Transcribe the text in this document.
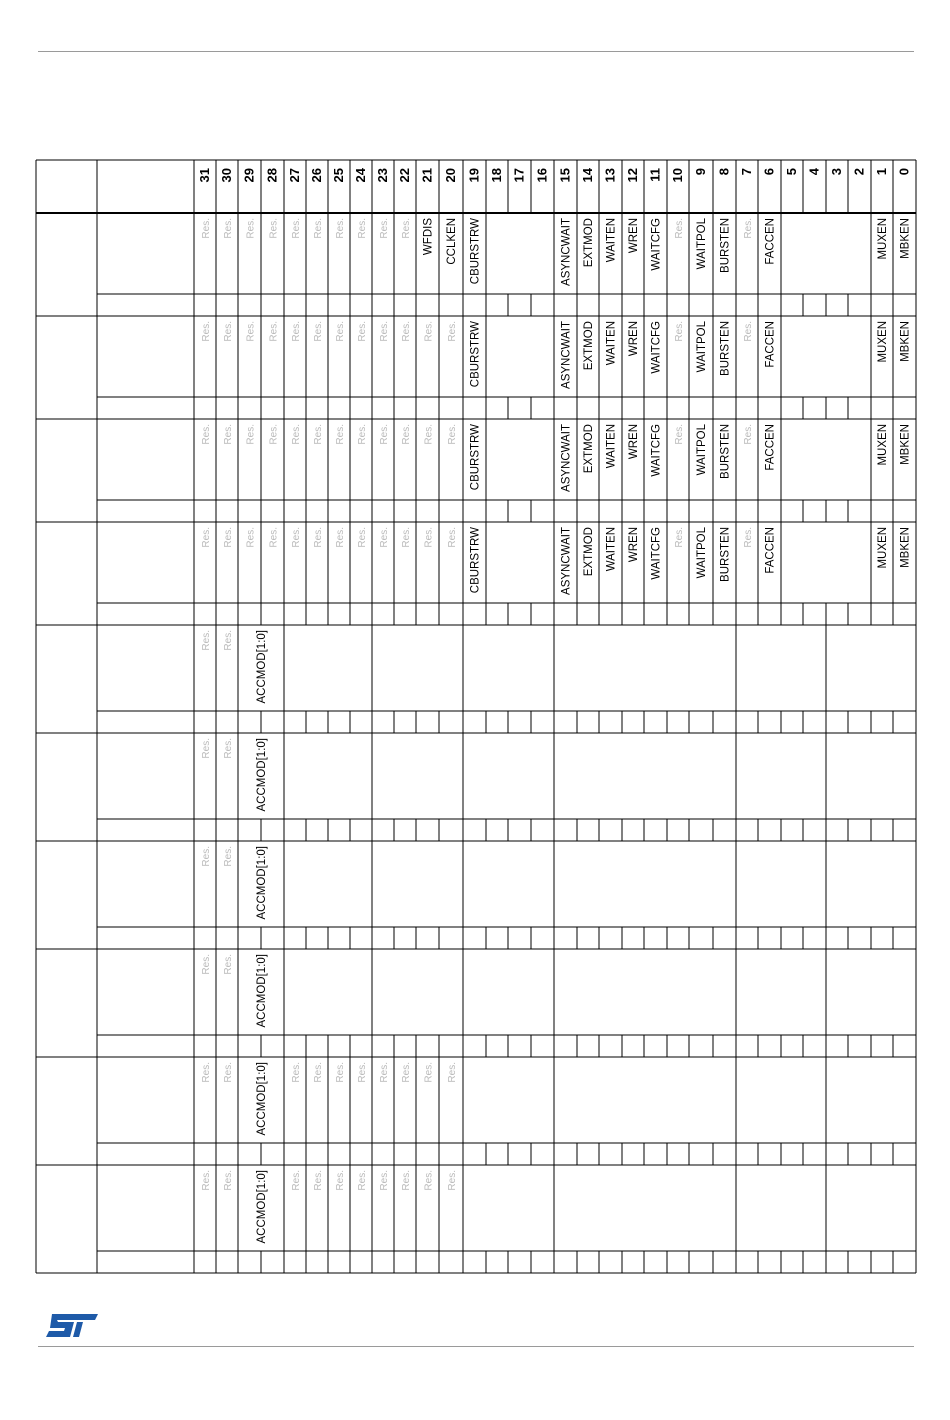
31 30 29 28 27 26 25 24 23 22 21 20 19 18 17 16 15 14 13 12 11 10 9 8 7 6 5 4 3 2 1 0
Res. Res. Res. Res. Res. Res. Res. Res. Res. Res. WFDIS CCLKEN CBURSTRW	ASYNCWAIT EXTMOD WAITEN WREN WAITCFG Res. WAITPOL BURSTEN Res. FACCEN	MUXEN MBKEN
Res. Res. Res. Res. Res. Res. Res. Res. Res. Res. Res. Res. CBURSTRW	ASYNCWAIT EXTMOD WAITEN WREN WAITCFG Res. WAITPOL BURSTEN Res. FACCEN	MUXEN MBKEN
Res. Res. Res. Res. Res. Res. Res. Res. Res. Res. Res. Res. CBURSTRW	ASYNCWAIT EXTMOD WAITEN WREN WAITCFG Res. WAITPOL BURSTEN Res. FACCEN	MUXEN MBKEN
Res. Res. Res. Res. Res. Res. Res. Res. Res. Res. Res. Res. CBURSTRW	ASYNCWAIT EXTMOD WAITEN WREN WAITCFG Res. WAITPOL BURSTEN Res. FACCEN	MUXEN MBKEN
Res. Res. ACCMOD[1:0]
Res. Res. ACCMOD[1:0]
Res. Res. ACCMOD[1:0]
Res. Res. ACCMOD[1:0]
Res. Res. ACCMOD[1:0] Res. Res. Res. Res. Res. Res. Res. Res.
Res. Res. ACCMOD[1:0] Res. Res. Res. Res. Res. Res. Res. Res.
